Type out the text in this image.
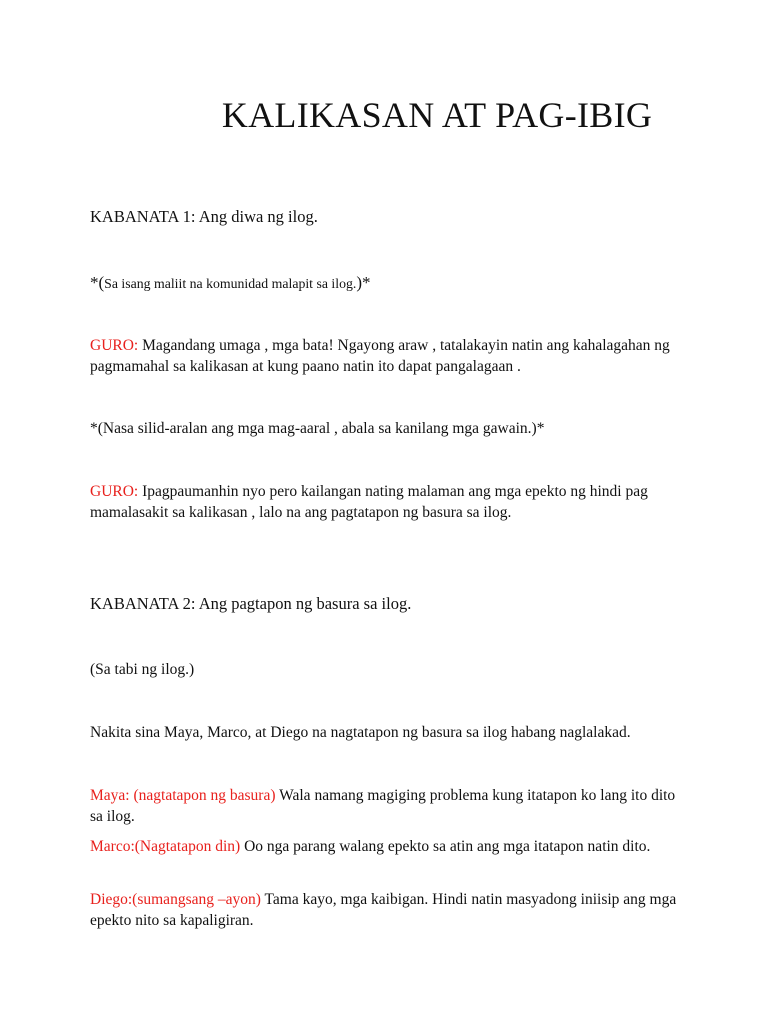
KALIKASAN AT PAG-IBIG

KABANATA 1: Ang diwa ng ilog.

*(Sa isang maliit na komunidad malapit sa ilog.)*

GURO: Magandang umaga , mga bata! Ngayong araw , tatalakayin natin ang kahalagahan ng pagmamahal sa kalikasan at kung paano natin ito dapat pangalagaan .

*(Nasa silid-aralan ang mga mag-aaral , abala sa kanilang mga gawain.)*

GURO: Ipagpaumanhin nyo pero kailangan nating malaman ang mga epekto ng hindi pag mamalasakit sa kalikasan , lalo na ang pagtatapon ng basura sa ilog.

KABANATA 2: Ang pagtapon ng basura sa ilog.

(Sa tabi ng ilog.)

Nakita sina Maya, Marco, at Diego na nagtatapon ng basura sa ilog habang naglalakad.

Maya: (nagtatapon ng basura) Wala namang magiging problema kung itatapon ko lang ito dito sa ilog.

Marco:(Nagtatapon din) Oo nga parang walang epekto sa atin ang mga itatapon natin dito.

Diego:(sumangsang –ayon) Tama kayo, mga kaibigan. Hindi natin masyadong iniisip ang mga epekto nito sa kapaligiran.
